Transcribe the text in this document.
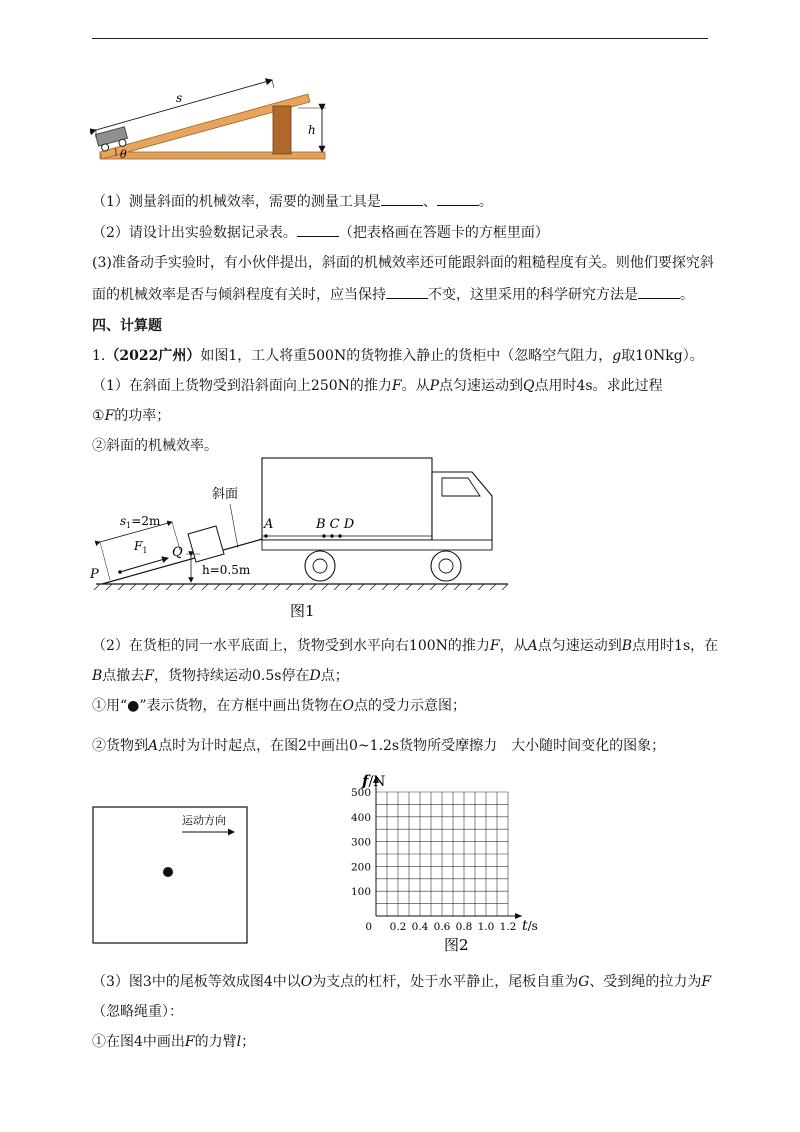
s
h
θ
（1）测量斜面的机械效率，需要的测量工具是	、	。
（2）请设计出实验数据记录表。	（把表格画在答题卡的方框里面）
(3)准备动手实验时，有小伙伴提出，斜面的机械效率还可能跟斜面的粗糙程度有关。则他们要探究斜
面的机械效率是否与倾斜程度有关时，应当保持	不变，这里采用的科学研究方法是	。
四、计算题
1.（2022广州）如图1，工人将重500N的货物推入静止的货柜中（忽略空气阻力，g取10Nkg）。
（1）在斜面上货物受到沿斜面向上250N的推力F。从P点匀速运动到Q点用时4s。求此过程
①F的功率；
②斜面的机械效率。
$s_1=2m$
$F_1$ Q
P	h=0.5m
斜面
A	B C D
图1
（2）在货柜的同一水平底面上，货物受到水平向右100N的推力F，从A点匀速运动到B点用时1s，在
B点撤去F，货物持续运动0.5s停在D点；
①用“●”表示货物，在方框中画出货物在O点的受力示意图；
②货物到A点时为计时起点，在图2中画出0~1.2s货物所受摩擦力　大小随时间变化的图象；
运动方向
100
200
300
400
500
0.2 0.4 0.6 0.8 1.0 1.2
0
f/N
t/s
图2
（3）图3中的尾板等效成图4中以O为支点的杠杆，处于水平静止，尾板自重为G、受到绳的拉力为F
（忽略绳重）：
①在图4中画出F的力臂l；
